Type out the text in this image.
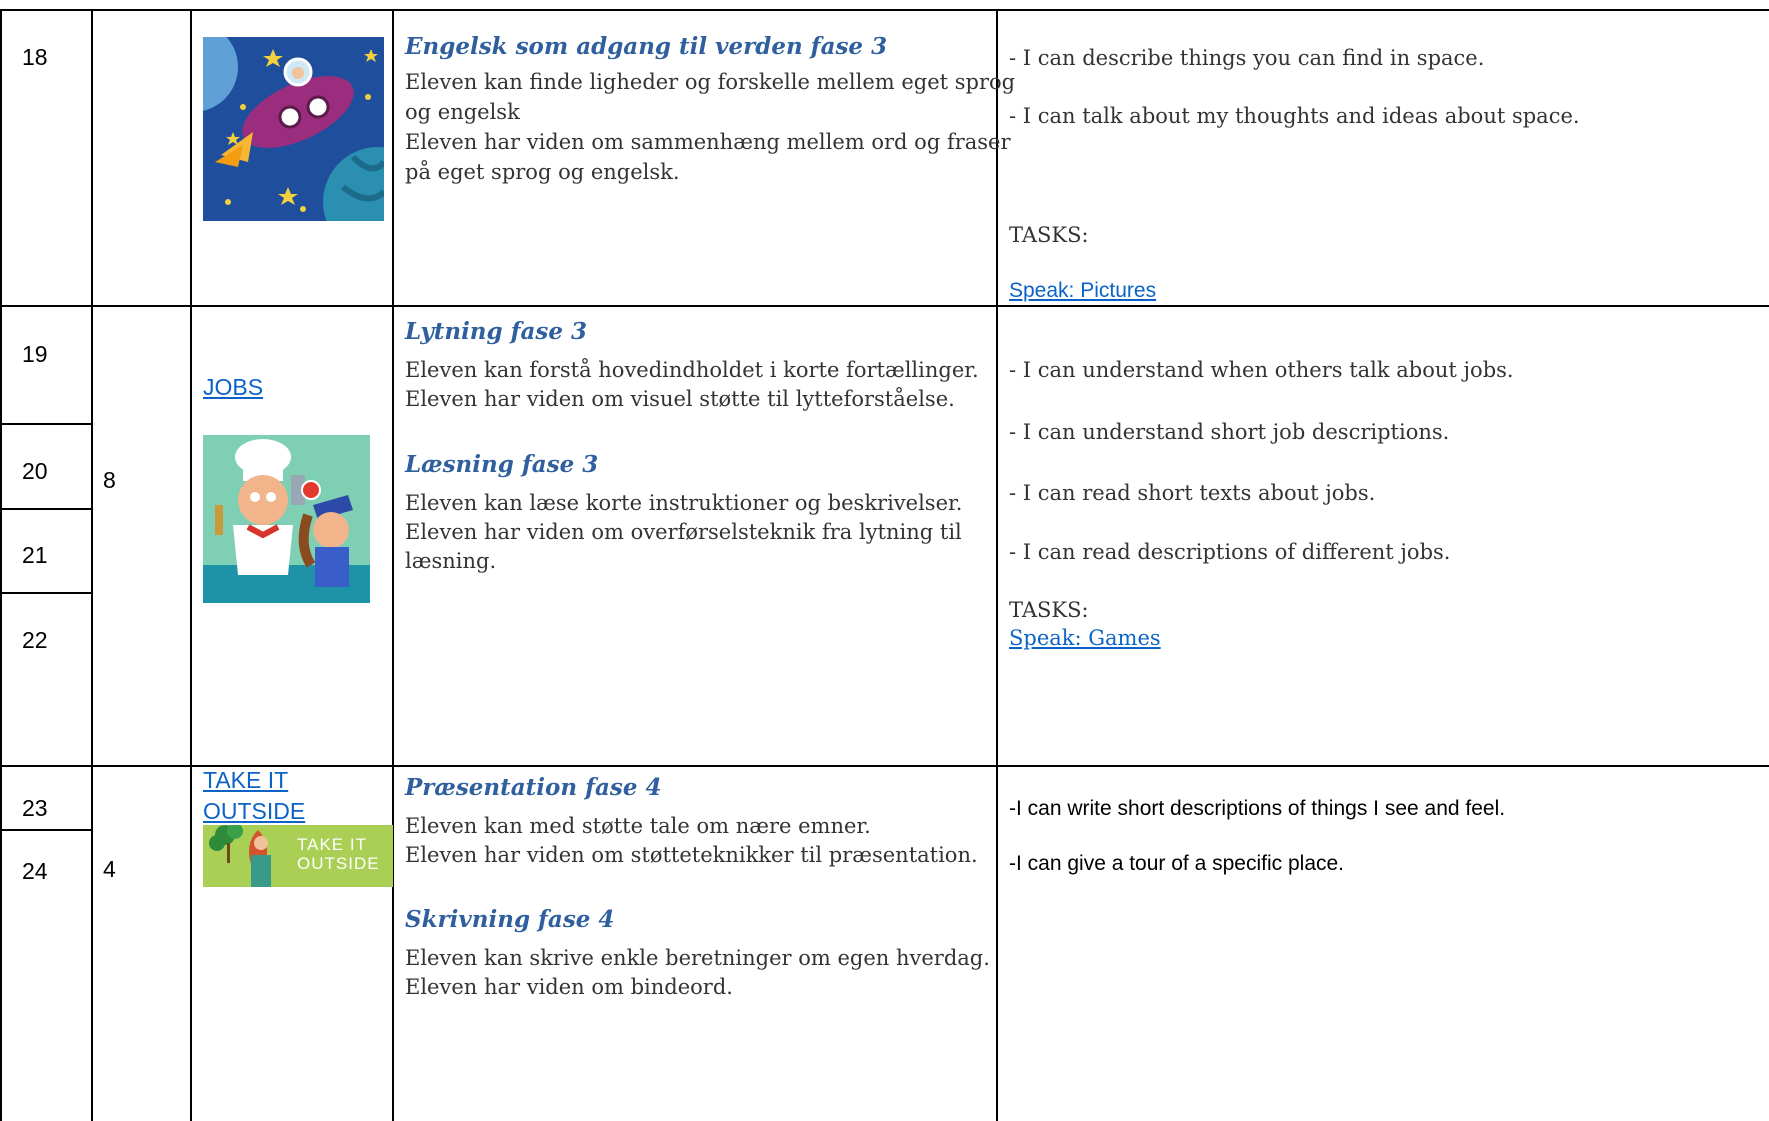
18	Engelsk som adgang til verden fase 3
Eleven kan finde ligheder og forskelle mellem eget sprog
og engelsk
Eleven har viden om sammenhæng mellem ord og fraser
på eget sprog og engelsk.
- I can describe things you can find in space.
- I can talk about my thoughts and ideas about space.
TASKS:
Speak: Pictures
19
20
21
22
8
JOBS
Lytning fase 3
Eleven kan forstå hovedindholdet i korte fortællinger.
Eleven har viden om visuel støtte til lytteforståelse.
Læsning fase 3
Eleven kan læse korte instruktioner og beskrivelser.
Eleven har viden om overførselsteknik fra lytning til
læsning.
- I can understand when others talk about jobs.
- I can understand short job descriptions.
- I can read short texts about jobs.
- I can read descriptions of different jobs.
TASKS:
Speak: Games
23
24 4
TAKE IT
OUTSIDE
TAKE IT
OUTSIDE
Præsentation fase 4
Eleven kan med støtte tale om nære emner.
Eleven har viden om støtteteknikker til præsentation.
Skrivning fase 4
Eleven kan skrive enkle beretninger om egen hverdag.
Eleven har viden om bindeord.
-I can write short descriptions of things I see and feel.
-I can give a tour of a specific place.
